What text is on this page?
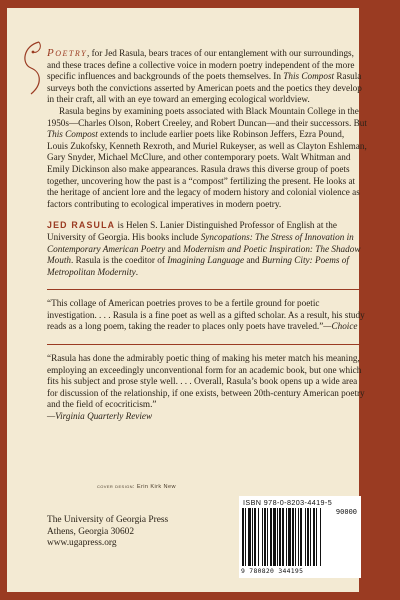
Poetry, for Jed Rasula, bears traces of our entanglement with our surroundings, and these traces define a collective voice in modern poetry independent of the more specific influences and backgrounds of the poets themselves. In This Compost Rasula surveys both the convictions asserted by American poets and the poetics they develop in their craft, all with an eye toward an emerging ecological worldview.

Rasula begins by examining poets associated with Black Mountain College in the 1950s—Charles Olson, Robert Creeley, and Robert Duncan—and their successors. But This Compost extends to include earlier poets like Robinson Jeffers, Ezra Pound, Louis Zukofsky, Kenneth Rexroth, and Muriel Rukeyser, as well as Clayton Eshleman, Gary Snyder, Michael McClure, and other contemporary poets. Walt Whitman and Emily Dickinson also make appearances. Rasula draws this diverse group of poets together, uncovering how the past is a “compost” fertilizing the present. He looks at the heritage of ancient lore and the legacy of modern history and colonial violence as factors contributing to ecological imperatives in modern poetry.

JED RASULA is Helen S. Lanier Distinguished Professor of English at the University of Georgia. His books include Syncopations: The Stress of Innovation in Contemporary American Poetry and Modernism and Poetic Inspiration: The Shadow Mouth. Rasula is the coeditor of Imagining Language and Burning City: Poems of Metropolitan Modernity.

“This collage of American poetries proves to be a fertile ground for poetic investigation. . . . Rasula is a fine poet as well as a gifted scholar. As a result, his study reads as a long poem, taking the reader to places only poets have traveled.”—Choice

“Rasula has done the admirably poetic thing of making his meter match his meaning, employing an exceedingly unconventional form for an academic book, but one which fits his subject and prose style well. . . . Overall, Rasula’s book opens up a wide area for discussion of the relationship, if one exists, between 20th-century American poetry and the field of ecocriticism.”
—Virginia Quarterly Review

cover design: Erin Kirk New
The University of Georgia Press
Athens, Georgia 30602
www.ugapress.org
ISBN 978-0-8203-4419-5
90000
9 780820 344195
